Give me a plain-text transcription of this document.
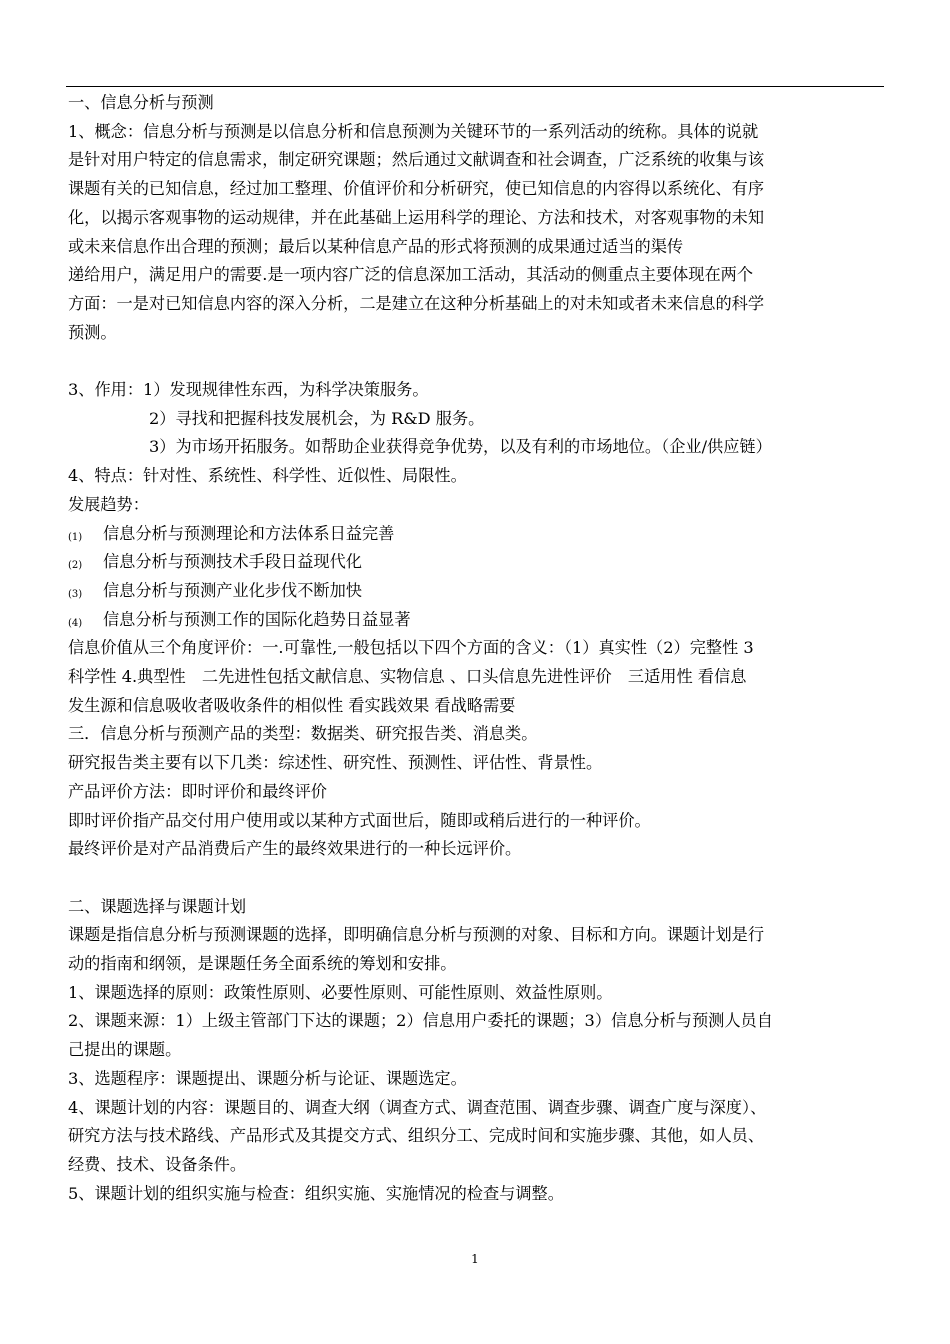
一、信息分析与预测

1、概念：信息分析与预测是以信息分析和信息预测为关键环节的一系列活动的统称。具体的说就

是针对用户特定的信息需求，制定研究课题；然后通过文献调查和社会调查，广泛系统的收集与该

课题有关的已知信息，经过加工整理、价值评价和分析研究，使已知信息的内容得以系统化、有序

化，以揭示客观事物的运动规律，并在此基础上运用科学的理论、方法和技术，对客观事物的未知

或未来信息作出合理的预测；最后以某种信息产品的形式将预测的成果通过适当的渠传

递给用户，满足用户的需要.是一项内容广泛的信息深加工活动，其活动的侧重点主要体现在两个

方面：一是对已知信息内容的深入分析，二是建立在这种分析基础上的对未知或者未来信息的科学

预测。

3、作用：1）发现规律性东西，为科学决策服务。

2）寻找和把握科技发展机会，为 R&D 服务。

3）为市场开拓服务。如帮助企业获得竞争优势，以及有利的市场地位。（企业/供应链）

4、特点：针对性、系统性、科学性、近似性、局限性。

发展趋势：

(1) 信息分析与预测理论和方法体系日益完善

(2) 信息分析与预测技术手段日益现代化

(3) 信息分析与预测产业化步伐不断加快

(4) 信息分析与预测工作的国际化趋势日益显著

信息价值从三个角度评价：一.可靠性,一般包括以下四个方面的含义：（1）真实性（2）完整性 3

科学性 4.典型性　二先进性包括文献信息、实物信息 、口头信息先进性评价　三适用性 看信息

发生源和信息吸收者吸收条件的相似性 看实践效果 看战略需要

三．信息分析与预测产品的类型：数据类、研究报告类、消息类。

研究报告类主要有以下几类：综述性、研究性、预测性、评估性、背景性。

产品评价方法：即时评价和最终评价

即时评价指产品交付用户使用或以某种方式面世后，随即或稍后进行的一种评价。

最终评价是对产品消费后产生的最终效果进行的一种长远评价。

二、课题选择与课题计划

课题是指信息分析与预测课题的选择，即明确信息分析与预测的对象、目标和方向。课题计划是行

动的指南和纲领，是课题任务全面系统的筹划和安排。

1、课题选择的原则：政策性原则、必要性原则、可能性原则、效益性原则。

2、课题来源：1）上级主管部门下达的课题；2）信息用户委托的课题；3）信息分析与预测人员自

己提出的课题。

3、选题程序：课题提出、课题分析与论证、课题选定。

4、课题计划的内容：课题目的、调查大纲（调查方式、调查范围、调查步骤、调查广度与深度）、

研究方法与技术路线、产品形式及其提交方式、组织分工、完成时间和实施步骤、其他，如人员、

经费、技术、设备条件。

5、课题计划的组织实施与检查：组织实施、实施情况的检查与调整。

1
